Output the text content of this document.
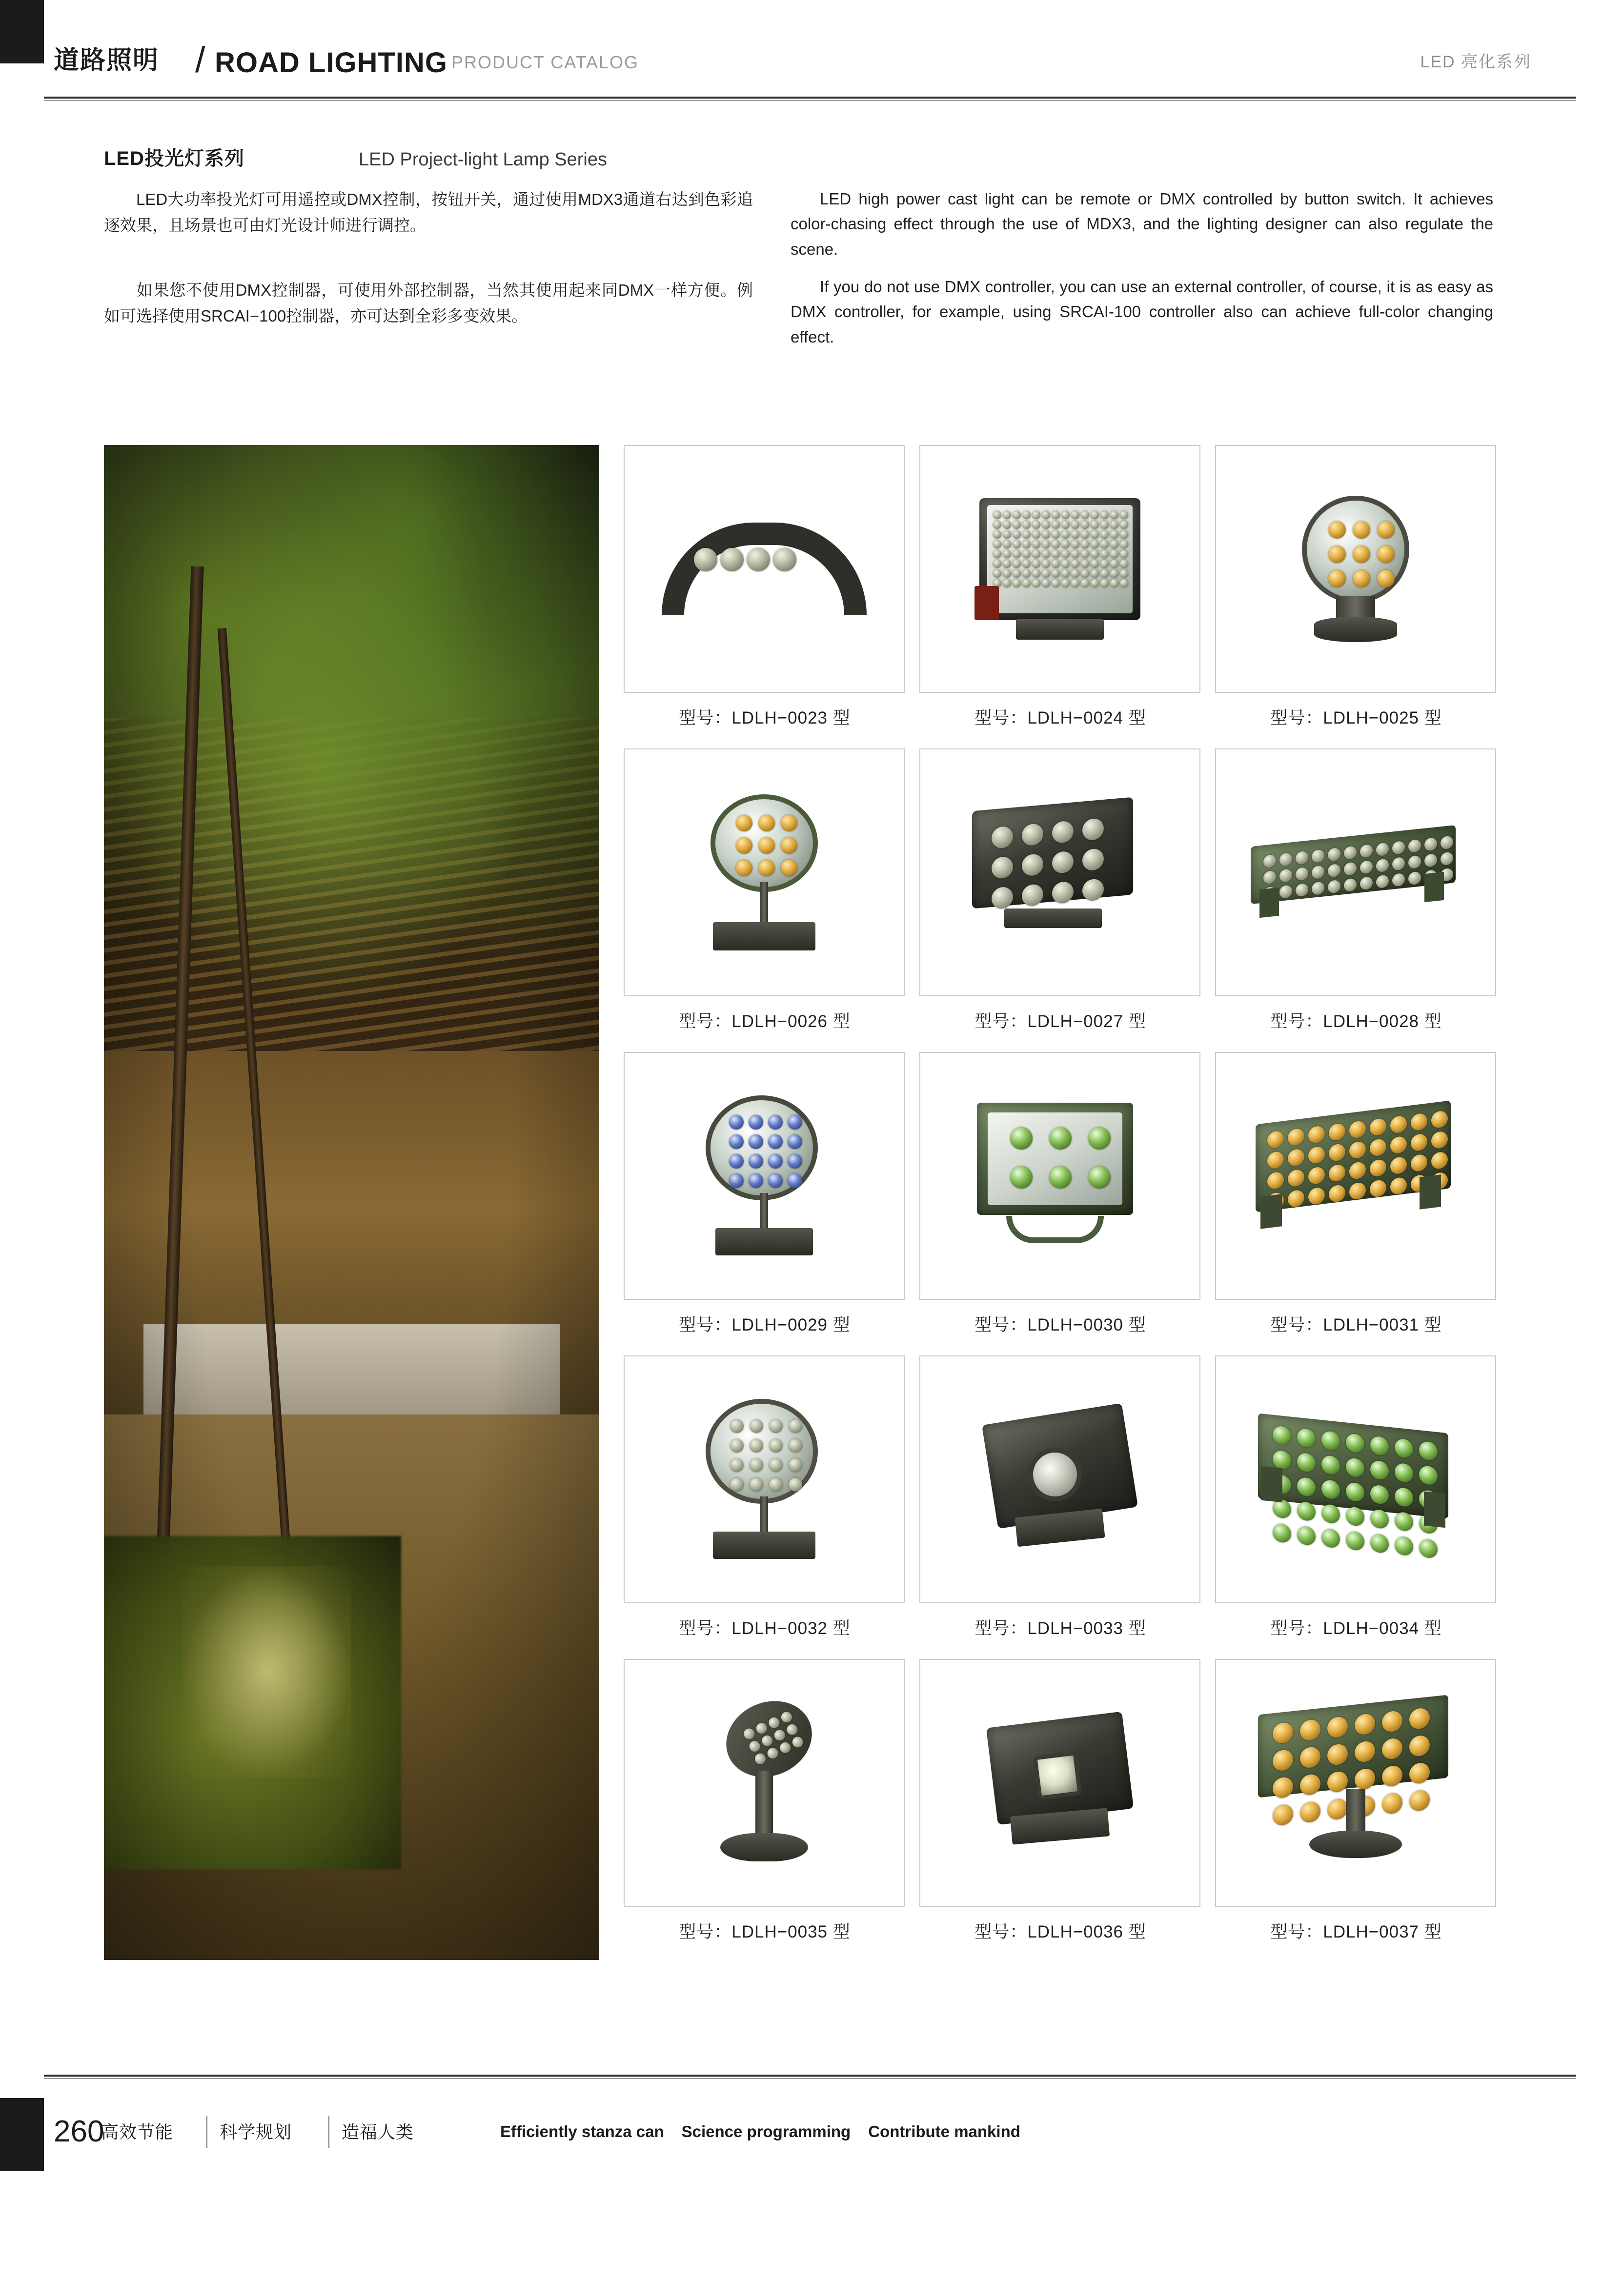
道路照明 / ROAD LIGHTING PRODUCT CATALOG	LED 亮化系列
LED投光灯系列	LED Project-light Lamp Series
LED大功率投光灯可用遥控或DMX控制，按钮开关，通过使用MDX3通道右达到色彩追逐效果，且场景也可由灯光设计师进行调控。
如果您不使用DMX控制器，可使用外部控制器，当然其使用起来同DMX一样方便。例如可选择使用SRCAI−100控制器，亦可达到全彩多变效果。
LED high power cast light can be remote or DMX controlled by button switch. It achieves color-chasing effect through the use of MDX3, and the lighting designer can also regulate the scene.
If you do not use DMX controller, you can use an external controller, of course, it is as easy as DMX controller, for example, using SRCAI-100 controller also can achieve full-color changing effect.
型号：LDLH−0023 型	型号：LDLH−0024 型	型号：LDLH−0025 型
型号：LDLH−0026 型	型号：LDLH−0027 型	型号：LDLH−0028 型
型号：LDLH−0029 型	型号：LDLH−0030 型	型号：LDLH−0031 型
型号：LDLH−0032 型	型号：LDLH−0033 型	型号：LDLH−0034 型
型号：LDLH−0035 型	型号：LDLH−0036 型	型号：LDLH−0037 型
260
高效节能	科学规划	造福人类	Efficiently stanza can Science programming Contribute mankind
